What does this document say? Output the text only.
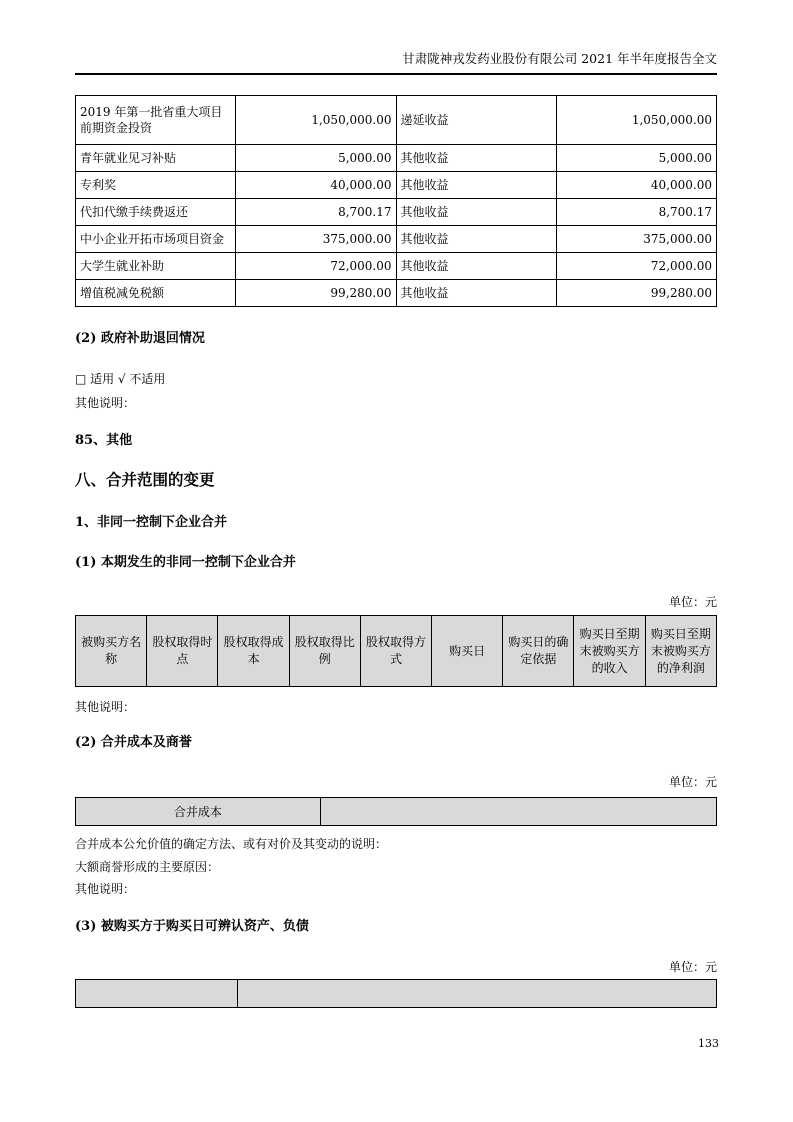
甘肃陇神戎发药业股份有限公司 2021 年半年度报告全文
2019 年第一批省重大项目前期资金投资	1,050,000.00	递延收益	1,050,000.00
青年就业见习补贴	5,000.00	其他收益	5,000.00
专利奖	40,000.00	其他收益	40,000.00
代扣代缴手续费返还	8,700.17	其他收益	8,700.17
中小企业开拓市场项目资金	375,000.00	其他收益	375,000.00
大学生就业补助	72,000.00	其他收益	72,000.00
增值税减免税额	99,280.00	其他收益	99,280.00

(2) 政府补助退回情况

□ 适用 √ 不适用

其他说明：

85、其他

八、合并范围的变更

1、非同一控制下企业合并

(1) 本期发生的非同一控制下企业合并

单位：元

被购买方名称	股权取得时点	股权取得成本	股权取得比例	股权取得方式	购买日	购买日的确定依据	购买日至期末被购买方的收入	购买日至期末被购买方的净利润

其他说明：

(2) 合并成本及商誉

单位：元

合并成本	

合并成本公允价值的确定方法、或有对价及其变动的说明：

大额商誉形成的主要原因：

其他说明：

(3) 被购买方于购买日可辨认资产、负债

单位：元

133
